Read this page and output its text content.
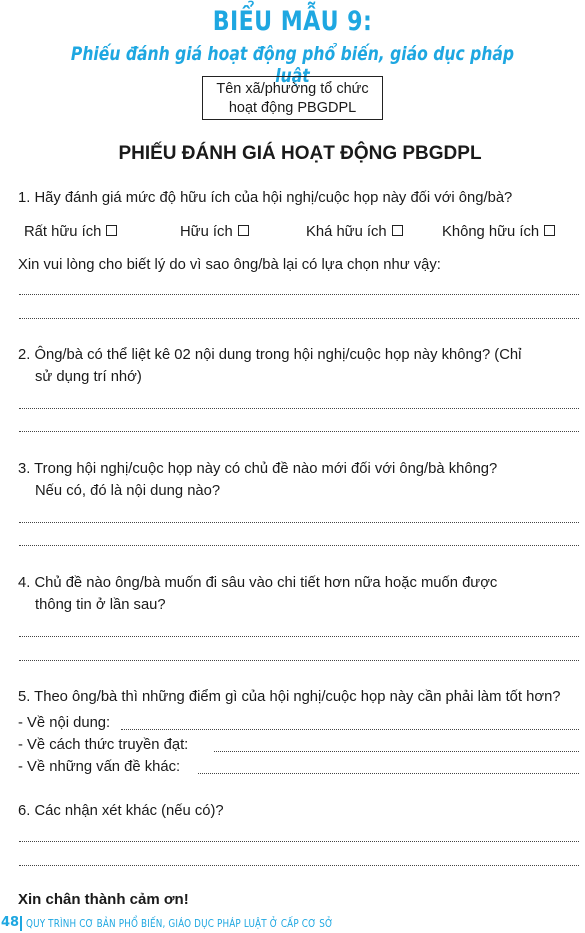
BIỂU MẪU 9:
Phiếu đánh giá hoạt động phổ biến, giáo dục pháp luật
Tên xã/phường tổ chức
hoạt động PBGDPL
PHIẾU ĐÁNH GIÁ HOẠT ĐỘNG PBGDPL
1. Hãy đánh giá mức độ hữu ích của hội nghị/cuộc họp này đối với ông/bà?
Rất hữu ích	Hữu ích	Khá hữu ích	Không hữu ích
Xin vui lòng cho biết lý do vì sao ông/bà lại có lựa chọn như vậy:
2. Ông/bà có thể liệt kê 02 nội dung trong hội nghị/cuộc họp này không? (Chỉ
sử dụng trí nhớ)
3. Trong hội nghị/cuộc họp này có chủ đề nào mới đối với ông/bà không?
Nếu có, đó là nội dung nào?
4. Chủ đề nào ông/bà muốn đi sâu vào chi tiết hơn nữa hoặc muốn được
thông tin ở lần sau?
5. Theo ông/bà thì những điểm gì của hội nghị/cuộc họp này cần phải làm tốt hơn?
- Về nội dung:
- Về cách thức truyền đạt:
- Về những vấn đề khác:
6. Các nhận xét khác (nếu có)?
Xin chân thành cảm ơn!
48 QUY TRÌNH CƠ BẢN PHỔ BIẾN, GIÁO DỤC PHÁP LUẬT Ở CẤP CƠ SỞ
